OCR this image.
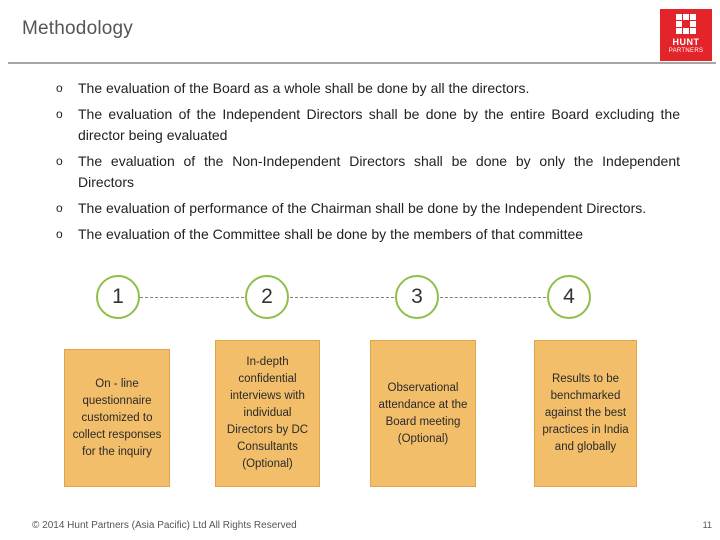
Methodology
HUNT
PARTNERS
o The evaluation of the Board as a whole shall be done by all the directors.
o The evaluation of the Independent Directors shall be done by the entire Board excluding the director being evaluated
o The evaluation of the Non-Independent Directors shall be done by only the Independent Directors
o The evaluation of performance of the Chairman shall be done by the Independent Directors.
o The evaluation of the Committee shall be done by the members of that committee
1	2	3	4
On - line questionnaire customized to collect responses for the inquiry
In-depth confidential interviews with individual Directors by DC Consultants (Optional)
Observational attendance at the Board meeting (Optional)
Results to be benchmarked against the best practices in India and globally
© 2014 Hunt Partners (Asia Pacific) Ltd All Rights Reserved	11
